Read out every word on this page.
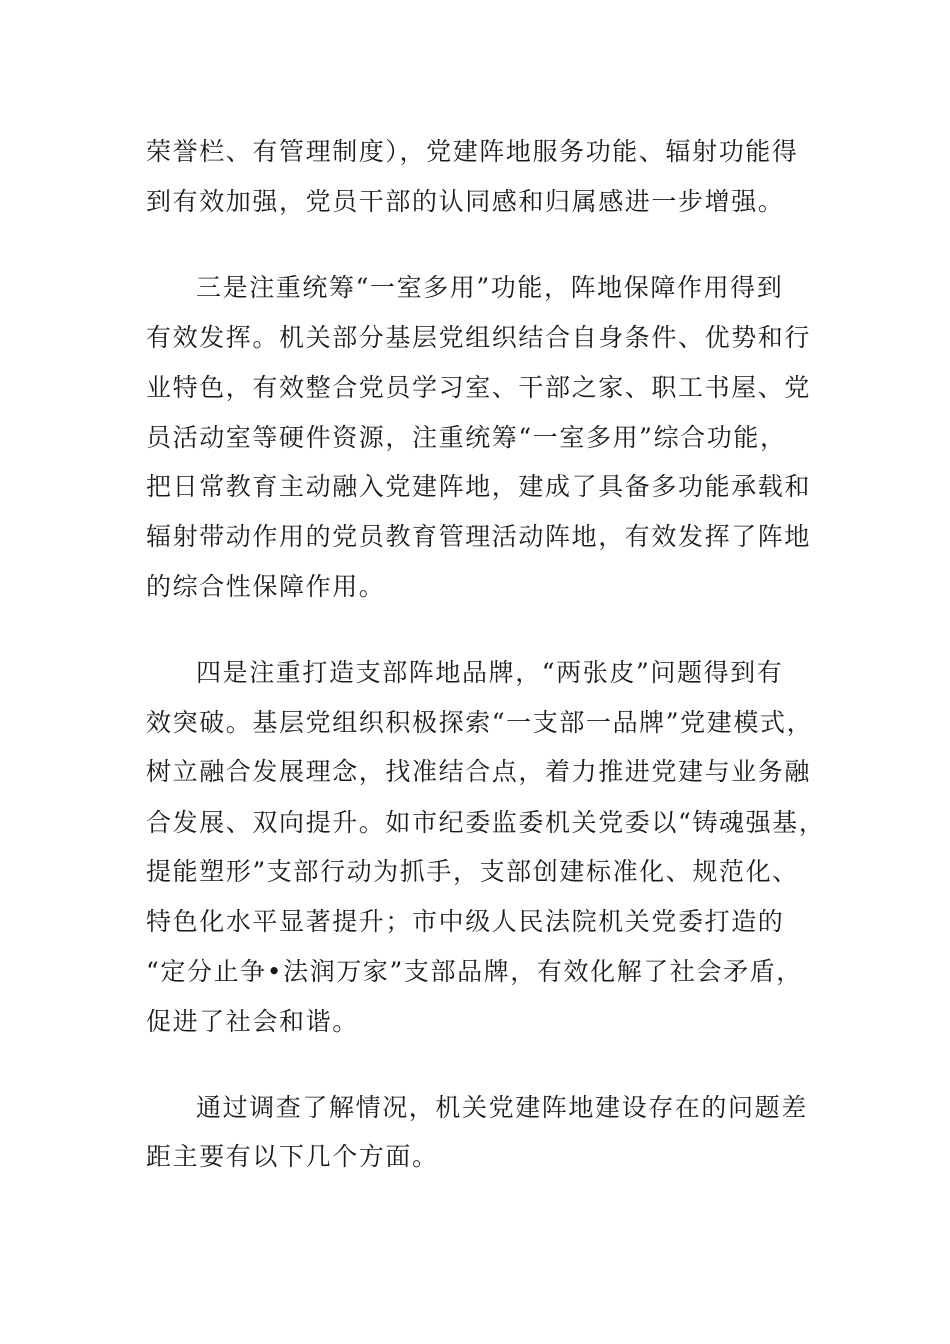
荣誉栏、有管理制度），党建阵地服务功能、辐射功能得
到有效加强，党员干部的认同感和归属感进一步增强。
三是注重统筹“一室多用”功能，阵地保障作用得到
有效发挥。机关部分基层党组织结合自身条件、优势和行
业特色，有效整合党员学习室、干部之家、职工书屋、党
员活动室等硬件资源，注重统筹“一室多用”综合功能，
把日常教育主动融入党建阵地，建成了具备多功能承载和
辐射带动作用的党员教育管理活动阵地，有效发挥了阵地
的综合性保障作用。
四是注重打造支部阵地品牌，“两张皮”问题得到有
效突破。基层党组织积极探索“一支部一品牌”党建模式，
树立融合发展理念，找准结合点，着力推进党建与业务融
合发展、双向提升。如市纪委监委机关党委以“铸魂强基，
提能塑形”支部行动为抓手，支部创建标准化、规范化、
特色化水平显著提升；市中级人民法院机关党委打造的
“定分止争•法润万家”支部品牌，有效化解了社会矛盾，
促进了社会和谐。
通过调查了解情况，机关党建阵地建设存在的问题差
距主要有以下几个方面。
